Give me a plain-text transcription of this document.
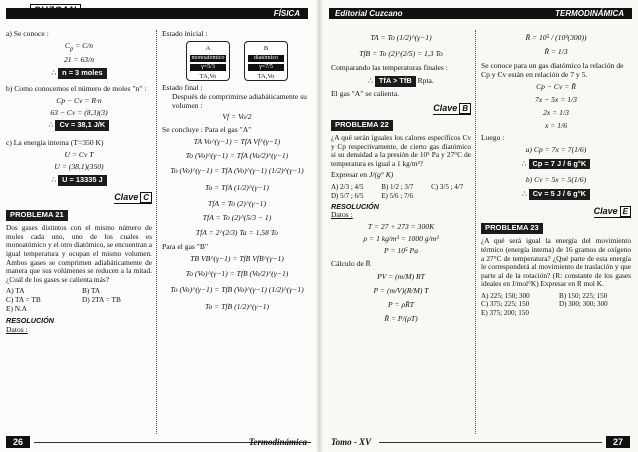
FÍSICA
a) Se conoce :
$C_p = C/n$
21 = 63/n
∴ n = 3 moles
b) Como conocemos el número de moles "n" :
Cp − Cv = R·n
63 − Cv = (8,3)(3)
∴ Cv = 38,1 J/K
c) La energía interna (T=350 K)
U = Cv T
U = (38,1)(350)
∴ U = 13335 J
Clave C
PROBLEMA 21
Dos gases distintos con el mismo número de moles cada uno, uno de los cuales es monoatómico y el otro diatómico, se encuentran a igual temperatura y ocupan el mismo volumen. Ambos gases se comprimen adiabáticamente de manera que sus volúmenes se reducen a la mitad. ¿Cuál de los gases se calienta más?
A) TA	B) TA
C) TA = TB	D) 2TA = TB
E) N.A
RESOLUCIÓN
Datos :
Estado inicial :
A
monoatómico
γ=5/3
TA,Vo
B
diatómico
γ=7/5
TA,Vo
Estado final :
Después de comprimirse adiabáticamente su volumen :
Vf = Vo/2
Se concluye : Para el gas "A"
TA Vo^(γ−1) = TfA Vf^(γ−1)
To (Vo)^(γ−1) = TfA (Vo/2)^(γ−1)
To (Vo)^(γ−1) = TfA (Vo)^(γ−1) (1/2)^(γ−1)
To = TfA (1/2)^(γ−1)
TfA = To (2)^(γ−1)
TfA = To (2)^(5/3 − 1)
TfA = 2^(2/3) Ta = 1,58 To
Para el gas "B"
TB VB^(γ−1) = TfB VfB^(γ−1)
To (Vo)^(γ−1) = TfB (Vo/2)^(γ−1)
To (Vo)^(γ−1) = TfB (Vo)^(γ−1) (1/2)^(γ−1)
To = TfB (1/2)^(γ−1)
26	Termodinámica
Editorial Cuzcano	TERMODINÁMICA
TA = To (1/2)^(γ−1)
TfB = To (2)^(2/5) = 1,3 To
Comparando las temperaturas finales :
∴ TfA > TfB Rpta.
El gas "A" se calienta.
Clave B
PROBLEMA 22
¿A qué serán iguales los calores específicos Cv y Cp respectivamente, de cierto gas diatómico si su densidad a la presión de 10⁵ Pa y 27°C de temperatura es igual a 1 kg/m³?
Expresar en J/(g° K)
A) 2/3 ; 4/5	B) 1/2 ; 3/7	C) 3/5 ; 4/7
D) 5/7 ; 6/5	E) 5/6 ; 7/6
RESOLUCIÓN
Datos :
T = 27 + 273 = 300K
ρ = 1 kg/m³ = 1000 g/m³
P = 10⁵ Pa
Cálculo de R̄
PV = (m/M) RT
P = (m/V)(R/M) T
P = ρR̄T
R̄ = P/(ρT)
R̄ = 10⁵ / (10³(300))
R̄ = 1/3
Se conoce para un gas diatómico la relación de Cp y Cv están en relación de 7 y 5.
Cp − Cv = R̄
7x − 5x = 1/3
2x = 1/3
x = 1/6
Luego :
a) Cp = 7x = 7(1/6)
∴ Cp = 7 J / 6 g°K
b) Cv = 5x = 5(1/6)
∴ Cv = 5 J / 6 g°K
Clave E
PROBLEMA 23
¿A qué será igual la energía del movimiento térmico (energía interna) de 16 gramos de oxígeno a 27°C de temperatura? ¿Qué parte de esta energía le corresponderá al movimiento de traslación y que parte al de la rotación? (R: constante de los gases ideales en J/mol°K) Expresar en R mol K.
A) 225; 150; 300	B) 150; 225; 150
C) 375; 225; 150	D) 300; 300; 300
E) 375; 200; 150
Tomo - XV	27
